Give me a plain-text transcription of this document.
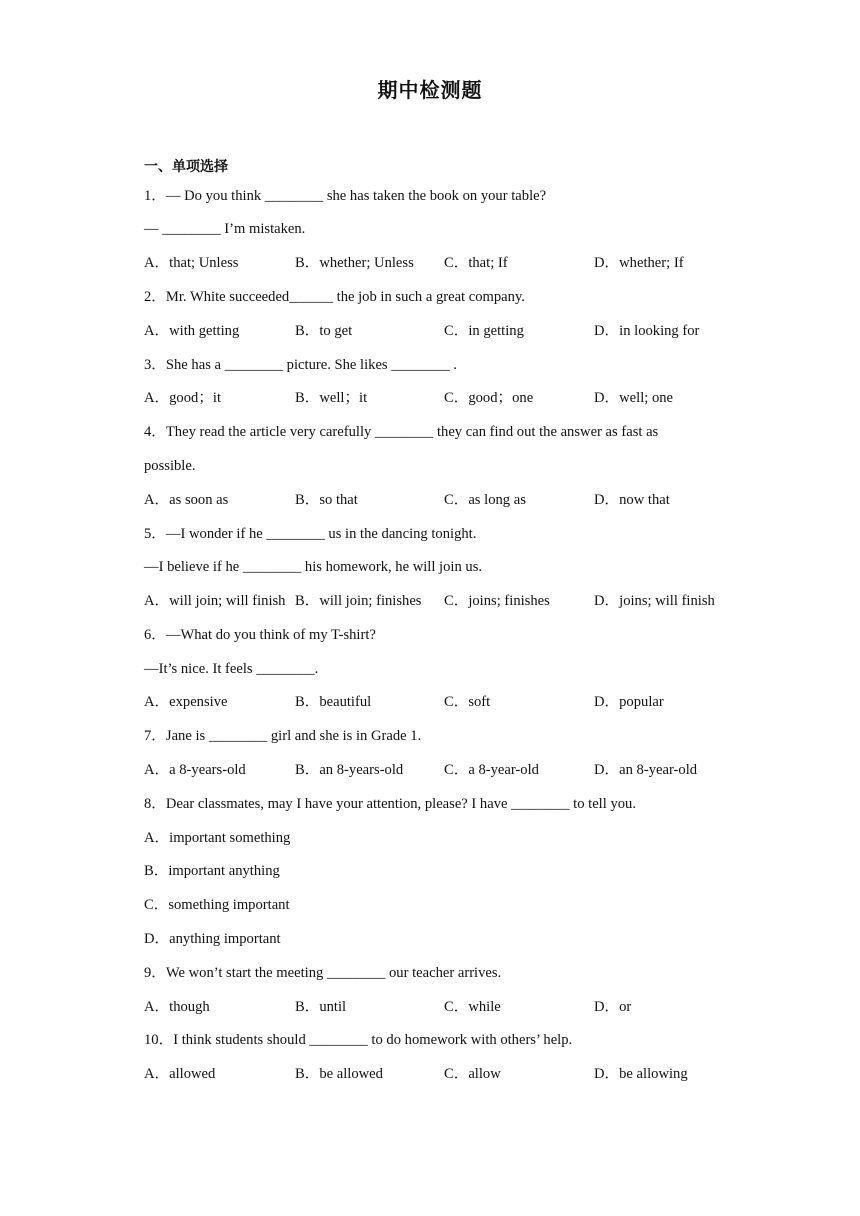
期中检测题
一、单项选择
1．— Do you think ________ she has taken the book on your table?
— ________ I’m mistaken.
A．that; Unless	B．whether; Unless C．that; If	D．whether; If
2．Mr. White succeeded______ the job in such a great company.
A．with getting	B．to get	C．in getting	D．in looking for
3．She has a ________ picture. She likes ________ .
A．good；it	B．well；it	C．good；one	D．well; one
4．They read the article very carefully ________ they can find out the answer as fast as
possible.
A．as soon as	B．so that	C．as long as	D．now that
5．—I wonder if he ________ us in the dancing tonight.
—I believe if he ________ his homework, he will join us.
A．will join; will finish B．will join; finishes C．joins; finishes	D．joins; will finish
6．—What do you think of my T-shirt?
—It’s nice. It feels ________.
A．expensive	B．beautiful	C．soft	D．popular
7．Jane is ________ girl and she is in Grade 1.
A．a 8-years-old	B．an 8-years-old	C．a 8-year-old	D．an 8-year-old
8．Dear classmates, may I have your attention, please? I have ________ to tell you.
A．important something
B．important anything
C．something important
D．anything important
9．We won’t start the meeting ________ our teacher arrives.
A．though	B．until	C．while	D．or
10．I think students should ________ to do homework with others’ help.
A．allowed	B．be allowed	C．allow	D．be allowing
